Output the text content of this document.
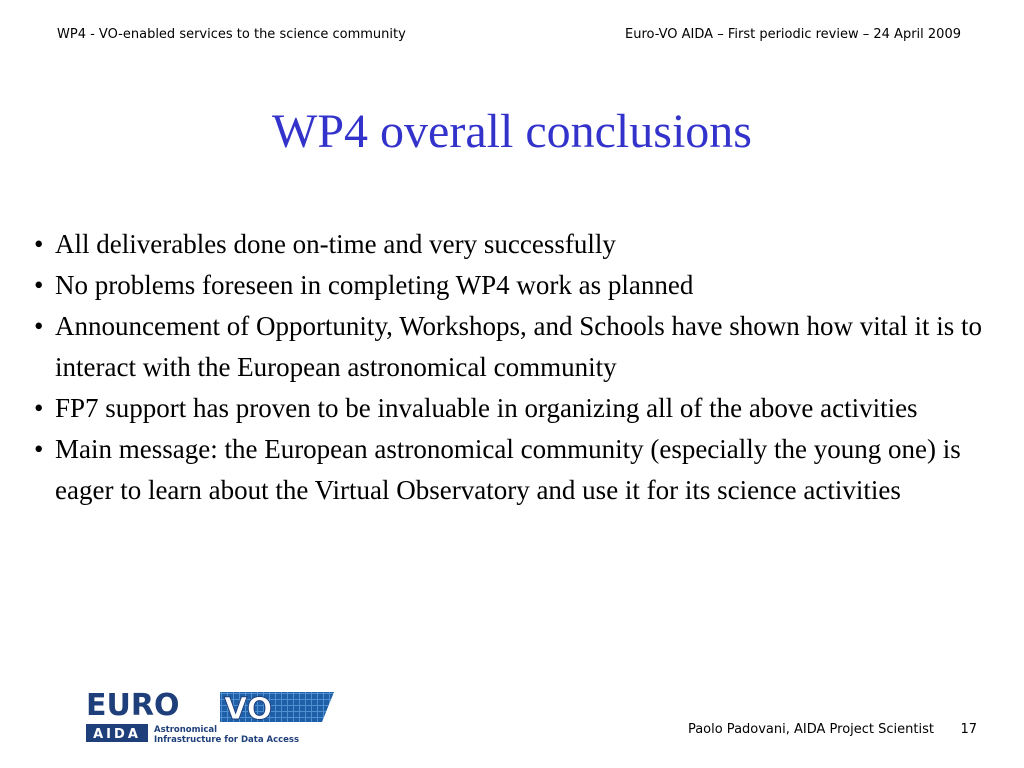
WP4 - VO-enabled services to the science community	Euro-VO AIDA – First periodic review – 24 April 2009
WP4 overall conclusions
• All deliverables done on-time and very successfully
• No problems foreseen in completing WP4 work as planned
• Announcement of Opportunity, Workshops, and Schools have shown how vital it is to interact with the European astronomical community
• FP7 support has proven to be invaluable in organizing all of the above activities
• Main message: the European astronomical community (especially the young one) is eager to learn about the Virtual Observatory and use it for its science activities
EURO VO
AIDA Astronomical
Infrastructure for Data Access
Paolo Padovani, AIDA Project Scientist 17
